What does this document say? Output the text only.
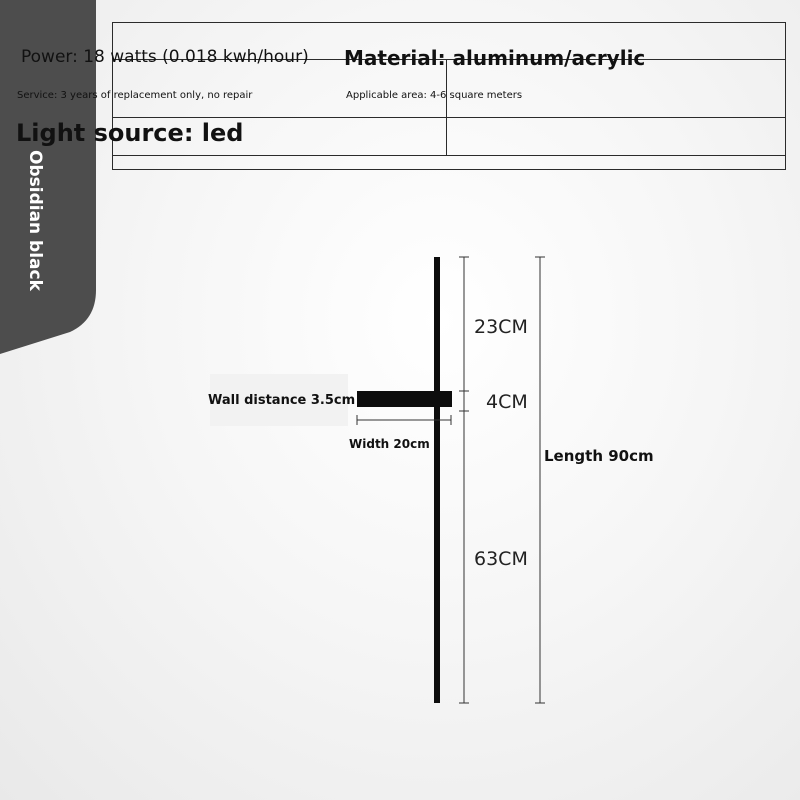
Obsidian black
Power: 18 watts (0.018 kwh/hour) Material: aluminum/acrylic
Service: 3 years of replacement only, no repair	Applicable area: 4-6 square meters
Light source: led
Wall distance 3.5cm
Width 20cm
Length 90cm
23CM
4CM
63CM
